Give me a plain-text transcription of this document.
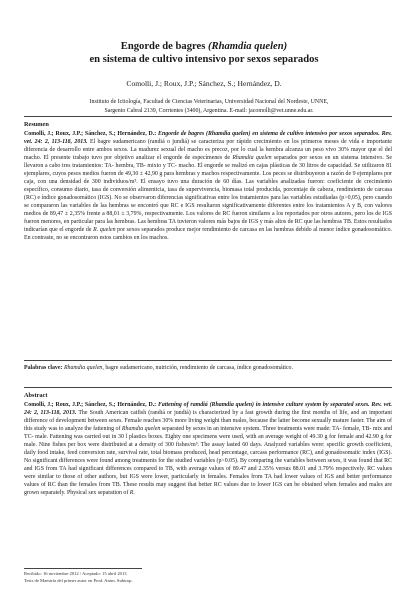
Engorde de bagres (Rhamdia quelen)
en sistema de cultivo intensivo por sexos separados
Comolli, J.; Roux, J.P.; Sánchez, S.; Hernández, D.
Instituto de Ictiología, Facultad de Ciencias Veterinarias, Universidad Nacional del Nordeste, UNNE,
Sargento Cabral 2139, Corrientes (3400), Argentina. E-mail: jacomolli@vet.unne.edu.ar.
Resumen

Comolli, J.; Roux, J.P.; Sánchez, S.; Hernández, D.: Engorde de bagres (Rhamdia quelen) en sistema de cultivo intensivo por sexos separados. Rev. vet. 24: 2, 113-118, 2013. El bagre sudamericano (randiá o jundiá) se caracteriza por rápido crecimiento en los primeros meses de vida e importante diferencia de desarrollo entre ambos sexos. La madurez sexual del macho es precoz, por lo cual la hembra alcanza un peso vivo 30% mayor que el del macho. El presente trabajo tuvo por objetivo analizar el engorde de especímenes de Rhamdia quelen separados por sexos en un sistema intensivo. Se llevaron a cabo tres tratamientos: TA- hembra, TB- mixto y TC- macho. El engorde se realizó en cajas plásticas de 30 litros de capacidad. Se utilizaron 81 ejemplares, cuyos pesos medios fueron de 49,30 ± 42,90 g para hembras y machos respectivamente. Los peces se distribuyeron a razón de 9 ejemplares por caja, con una densidad de 300 individuos/m³. El ensayo tuvo una duración de 60 días. Las variables analizadas fueron: coeficiente de crecimiento específico, consumo diario, tasa de conversión alimenticia, tasa de supervivencia, biomasa total producida, porcentaje de cabeza, rendimiento de carcasa (RC) e índice gonadosomático (IGS). No se observaron diferencias significativas entre los tratamientos para las variables estudiadas (p>0,05), pero cuando se compararon las variables de las hembras se encontró que RC e IGS resultaron significativamente diferentes entre los tratamientos A y B, con valores medios de 89,47 ± 2,35% frente a 88,01 ± 3,79%, respectivamente. Los valores de RC fueron similares a los reportados por otros autores, pero los de IGS fueron menores, en particular para las hembras. Las hembras TA tuvieron valores más bajos de IGS y más altos de RC que las hembras TB. Estos resultados indicarían que el engorde de R. quelen por sexos separados produce mejor rendimiento de carcasa en las hembras debido al menor índice gonadosomático. En contraste, no se encontraron estos cambios en los machos.

Palabras clave: Rhamdia quelen, bagre sudamericano, nutrición, rendimiento de carcasa, índice gonadosomático.

Abstract

Comolli, J.; Roux, J.P.; Sánchez, S.; Hernández, D.: Fattening of ramdiá (Rhamdia quelen) in intensive culture system by separated sexes. Rev. vet. 24: 2, 113-118, 2013. The South American catfish (randiá or jundiá) is characterized by a fast growth during the first months of life, and an important difference of development between sexes. Female reaches 30% more living weight than males, because the latter become sexually mature faster. The aim of this study was to analyze the fattening of Rhamdia quelen separated by sexes in an intensive system. Three treatments were made: TA- female, TB- mix and TC- male. Fattening was carried out in 30 l plastics boxes. Eighty one specimens were used, with an average weight of 49.30 g for female and 42.90 g for male. Nine fishes per box were distributed at a density of 300 fishes/m³. The assay lasted 60 days. Analyzed variables were: specific growth coefficient, daily food intake, feed conversion rate, survival rate, total biomass produced, head percentage, carcass performance (RC), and gonadosomatic index (IGS). No significant differences were found among treatments for the studied variables (p>0.05). By comparing the variables between sexes, it was found that RC and IGS from TA had significant differences compared to TB, with average values of 89.47 and 2.35% versus 88.01 and 3.79% respectively. RC values were similar to those of other authors, but IGS were lower, particularly in females. Females from TA had lower values of IGS and better performance values of RC than the females from TB. These results may suggest that better RC values due to lower IGS can be obtained when females and males are grown separately. Physical sex separation of R.

Recibido: 16 noviembre 2012 / Aceptado: 15 abril 2013
Tesis de Maestría del primer autor en Prod. Anim. Subtrop.
